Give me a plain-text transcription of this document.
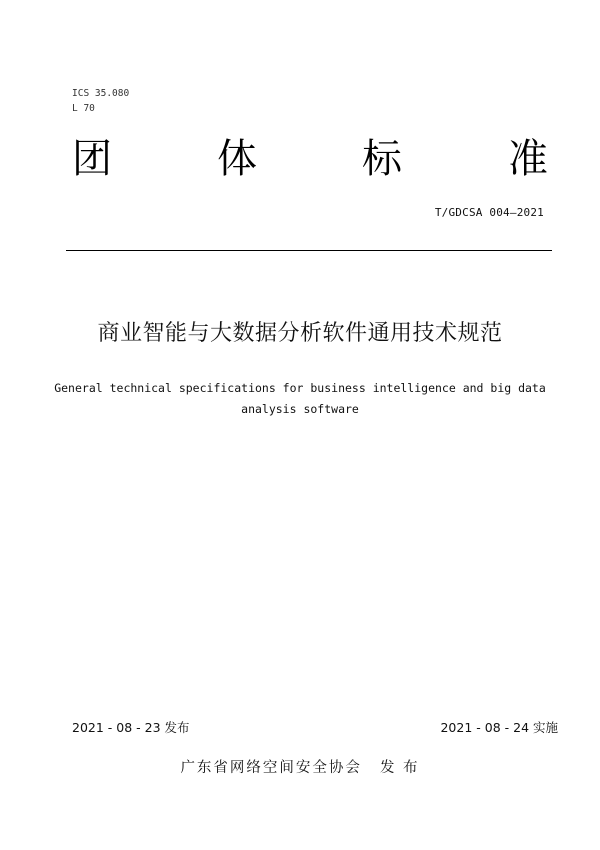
ICS 35.080
L 70
团	体	标	准
T/GDCSA 004—2021
商业智能与大数据分析软件通用技术规范
General technical specifications for business intelligence and big data
analysis software
2021 - 08 - 23 发布	2021 - 08 - 24 实施
广东省网络空间安全协会 发 布
